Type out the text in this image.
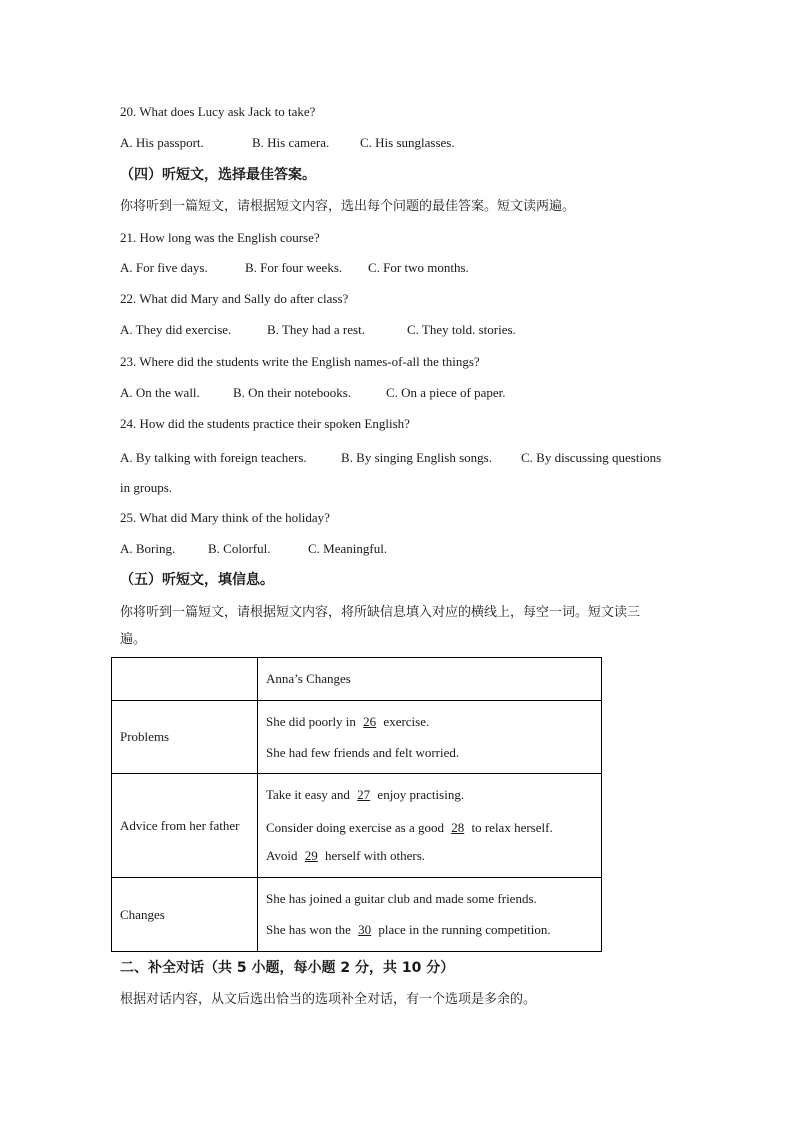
20. What does Lucy ask Jack to take?
A. His passport.	B. His camera. C. His sunglasses.
（四）听短文，选择最佳答案。
你将听到一篇短文，请根据短文内容，选出每个问题的最佳答案。短文读两遍。
21. How long was the English course?
A. For five days.	B. For four weeks. C. For two months.
22. What did Mary and Sally do after class?
A. They did exercise.	B. They had a rest.	C. They told. stories.
23. Where did the students write the English names-of-all the things?
A. On the wall.	B. On their notebooks.	C. On a piece of paper.
24. How did the students practice their spoken English?
A. By talking with foreign teachers.	B. By singing English songs. C. By discussing questions
in groups.
25. What did Mary think of the holiday?
A. Boring.	B. Colorful.	C. Meaningful.
（五）听短文，填信息。
你将听到一篇短文，请根据短文内容，将所缺信息填入对应的横线上，每空一词。短文读三
遍。
	Anna’s Changes
Problems	She did poorly in 26 exercise.
She had few friends and felt worried.

Advice from her father	Take it easy and 27 enjoy practising.
Consider doing exercise as a good 28 to relax herself.
Avoid 29 herself with others.

Changes	She has joined a guitar club and made some friends.
She has won the 30 place in the running competition.
二、补全对话（共 5 小题，每小题 2 分，共 10 分）
根据对话内容，从文后选出恰当的选项补全对话，有一个选项是多余的。
